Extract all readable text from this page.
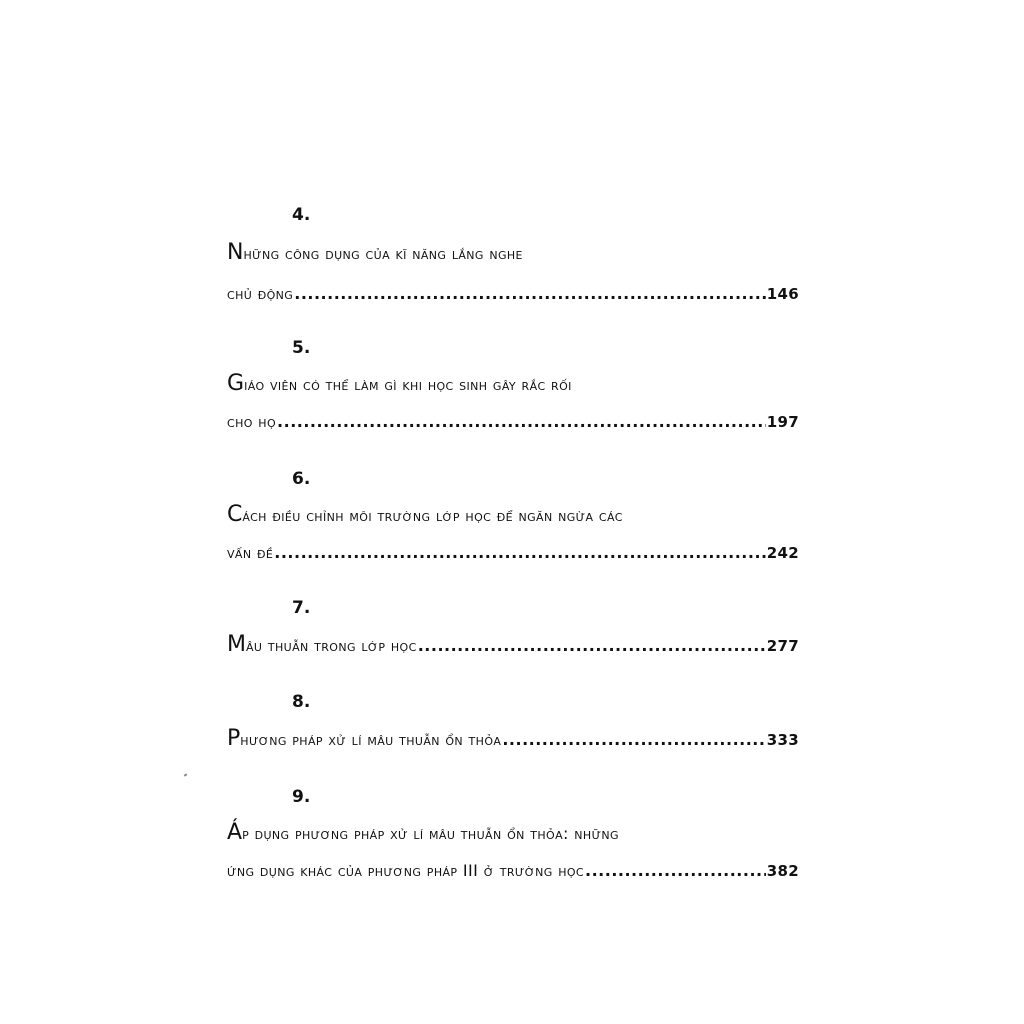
4.
Những công dụng của kĩ năng lắng nghe
chủ động .....	146
5.
Giáo viên có thể làm gì khi học sinh gây rắc rối
cho họ .....	197
6.
Cách điều chỉnh môi trường lớp học để ngăn ngừa các
vấn đề .....	242
7.
Mâu thuẫn trong lớp học .....	277
8.
Phương pháp xử lí mâu thuẫn ổn thỏa .....	333
9.
Áp dụng phương pháp xử lí mâu thuẫn ổn thỏa: những
ứng dụng khác của phương pháp III ở trường học .....	382
